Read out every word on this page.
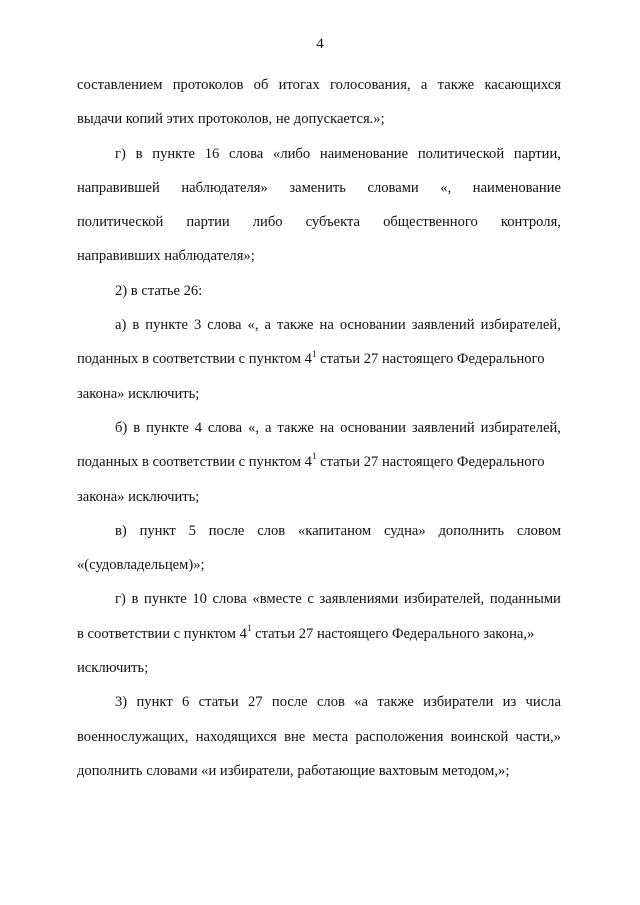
4
составлением протоколов об итогах голосования, а также касающихся
выдачи копий этих протоколов, не допускается.»;
г) в пункте 16 слова «либо наименование политической партии,
направившей наблюдателя» заменить словами «, наименование
политической партии либо субъекта общественного контроля,
направивших наблюдателя»;
2) в статье 26:
а) в пункте 3 слова «, а также на основании заявлений избирателей,
поданных в соответствии с пунктом $4^1$ статьи 27 настоящего Федерального
закона» исключить;
б) в пункте 4 слова «, а также на основании заявлений избирателей,
поданных в соответствии с пунктом $4^1$ статьи 27 настоящего Федерального
закона» исключить;
в) пункт 5 после слов «капитаном судна» дополнить словом
«(судовладельцем)»;
г) в пункте 10 слова «вместе с заявлениями избирателей, поданными
в соответствии с пунктом $4^1$ статьи 27 настоящего Федерального закона,»
исключить;
3) пункт 6 статьи 27 после слов «а также избиратели из числа
военнослужащих, находящихся вне места расположения воинской части,»
дополнить словами «и избиратели, работающие вахтовым методом,»;
